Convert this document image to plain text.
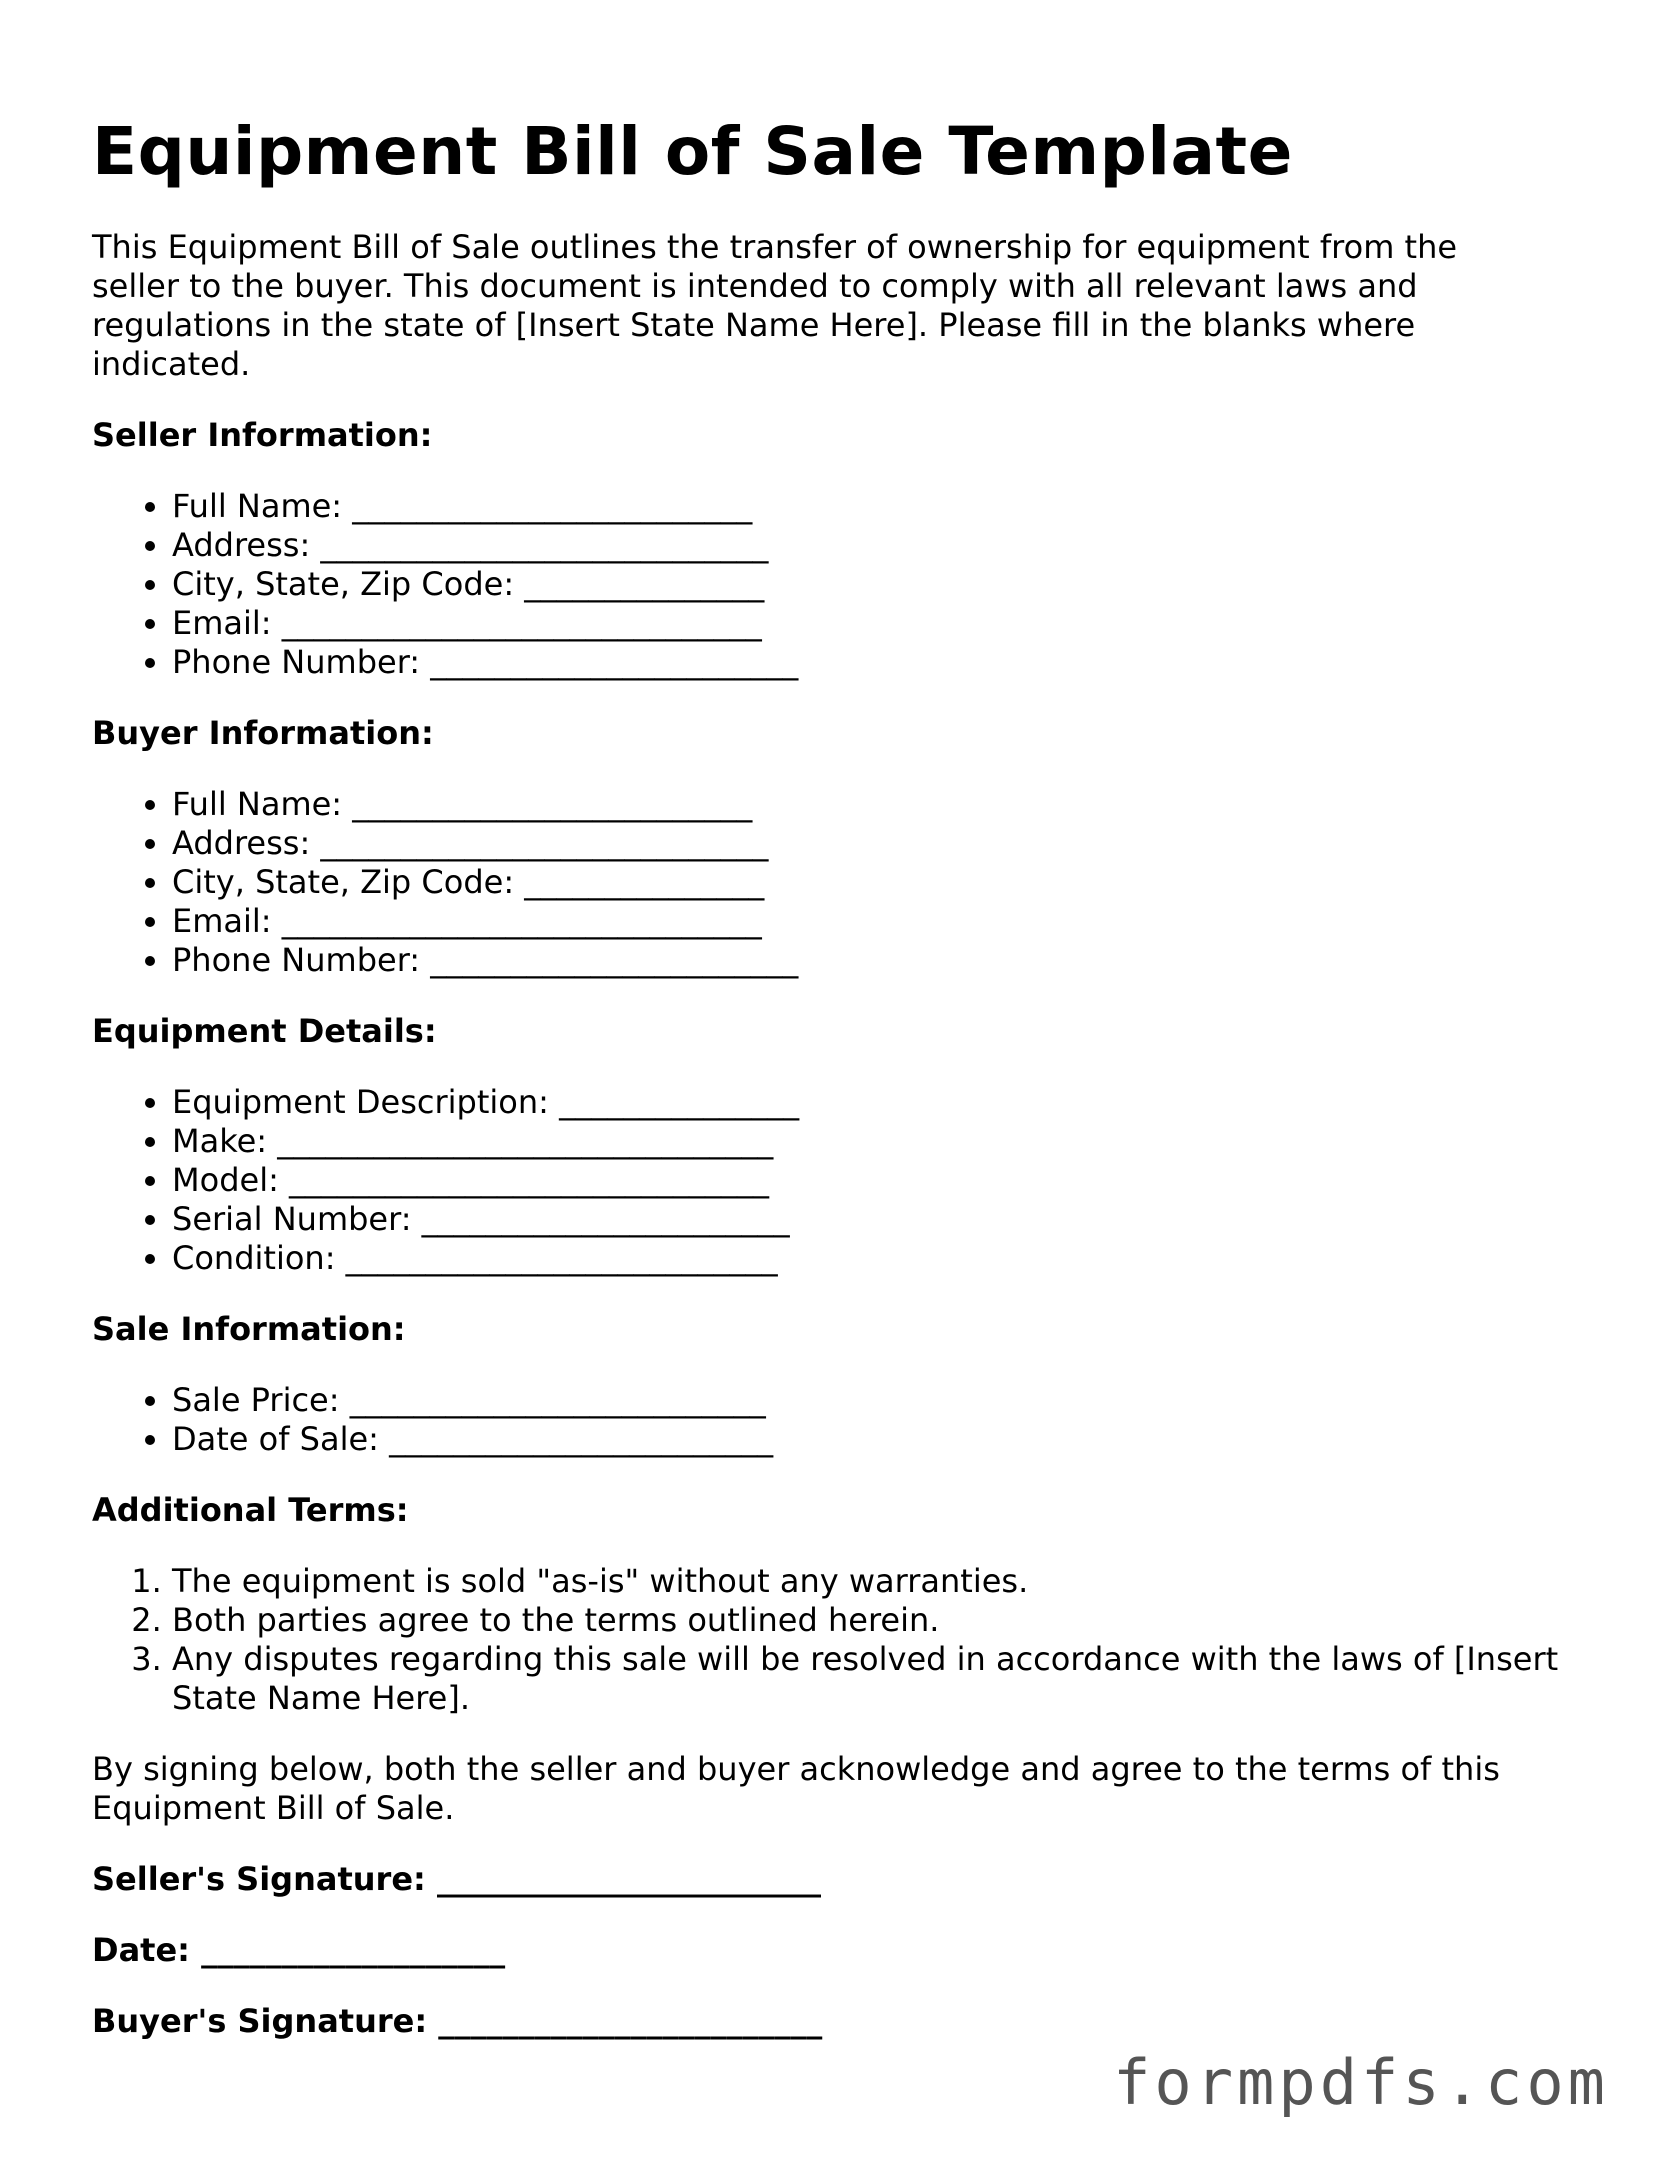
Equipment Bill of Sale Template

This Equipment Bill of Sale outlines the transfer of ownership for equipment from the seller to the buyer. This document is intended to comply with all relevant laws and regulations in the state of [Insert State Name Here]. Please fill in the blanks where indicated.

Seller Information:
• Full Name: _________________________
• Address: ____________________________
• City, State, Zip Code: _______________
• Email: ______________________________
• Phone Number: _______________________
Buyer Information:
• Full Name: _________________________
• Address: ____________________________
• City, State, Zip Code: _______________
• Email: ______________________________
• Phone Number: _______________________
Equipment Details:
• Equipment Description: _______________
• Make: _______________________________
• Model: ______________________________
• Serial Number: _______________________
• Condition: ___________________________
Sale Information:
• Sale Price: __________________________
• Date of Sale: ________________________
Additional Terms:
1. The equipment is sold "as-is" without any warranties.
2. Both parties agree to the terms outlined herein.
3. Any disputes regarding this sale will be resolved in accordance with the laws of [Insert State Name Here].

By signing below, both the seller and buyer acknowledge and agree to the terms of this Equipment Bill of Sale.

Seller's Signature: ________________________
Date: ___________________
Buyer's Signature: ________________________
formpdfs.com
